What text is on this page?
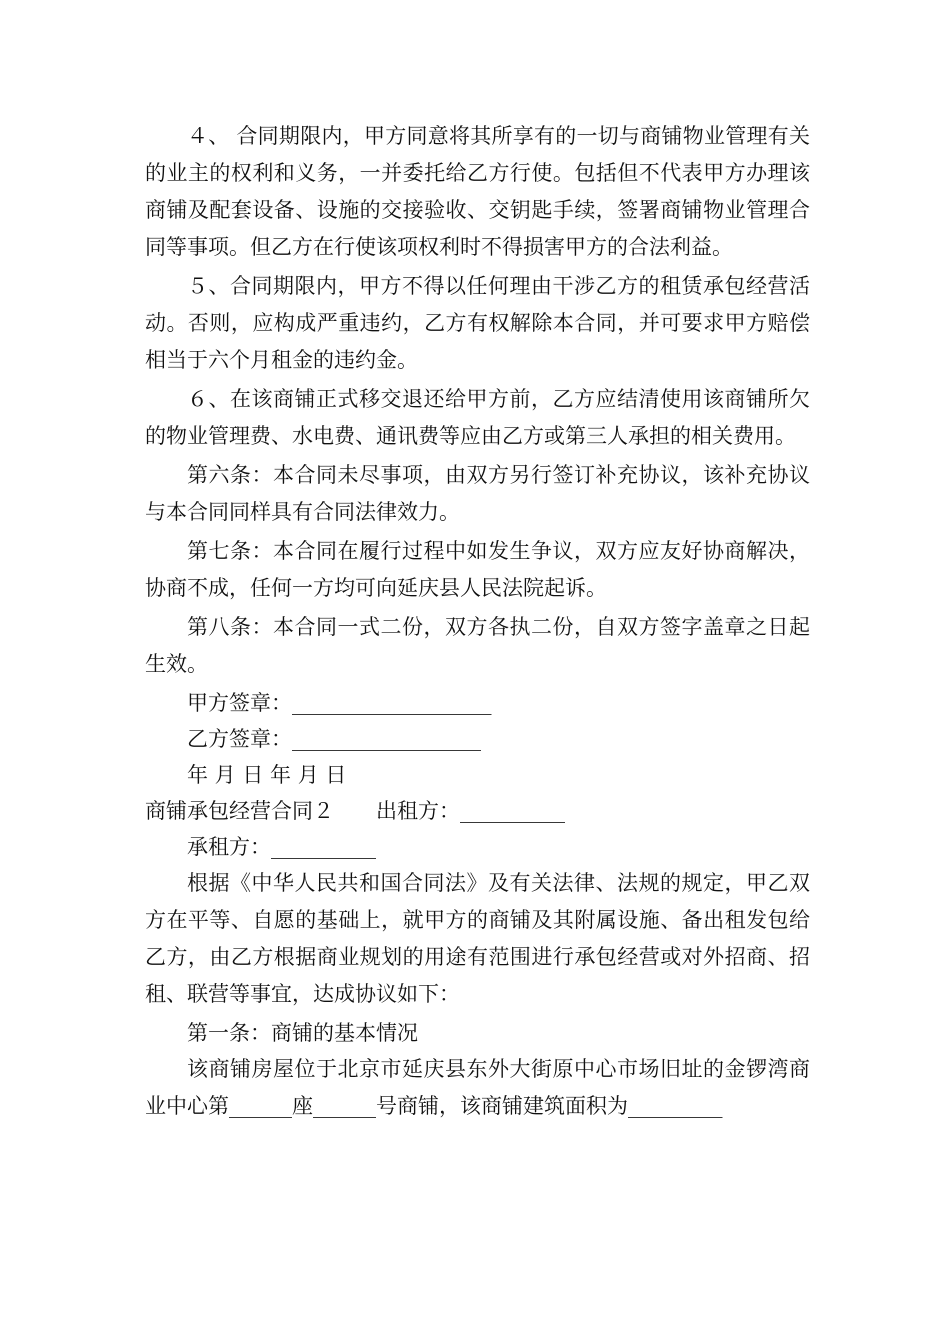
４、 合同期限内，甲方同意将其所享有的一切与商铺物业管理有关的业主的权利和义务，一并委托给乙方行使。包括但不代表甲方办理该商铺及配套设备、设施的交接验收、交钥匙手续，签署商铺物业管理合同等事项。但乙方在行使该项权利时不得损害甲方的合法利益。

５、合同期限内，甲方不得以任何理由干涉乙方的租赁承包经营活动。否则，应构成严重违约，乙方有权解除本合同，并可要求甲方赔偿相当于六个月租金的违约金。

６、在该商铺正式移交退还给甲方前，乙方应结清使用该商铺所欠的物业管理费、水电费、通讯费等应由乙方或第三人承担的相关费用。

第六条：本合同未尽事项，由双方另行签订补充协议，该补充协议与本合同同样具有合同法律效力。

第七条：本合同在履行过程中如发生争议，双方应友好协商解决，协商不成，任何一方均可向延庆县人民法院起诉。

第八条：本合同一式二份，双方各执二份，自双方签字盖章之日起生效。

甲方签章：___________________

乙方签章：__________________

年 月 日 年 月 日

商铺承包经营合同２ 出租方：__________

承租方：__________

根据《中华人民共和国合同法》及有关法律、法规的规定，甲乙双方在平等、自愿的基础上，就甲方的商铺及其附属设施、备出租发包给乙方，由乙方根据商业规划的用途有范围进行承包经营或对外招商、招租、联营等事宜，达成协议如下：

第一条：商铺的基本情况

该商铺房屋位于北京市延庆县东外大街原中心市场旧址的金锣湾商业中心第______座______号商铺，该商铺建筑面积为_________
